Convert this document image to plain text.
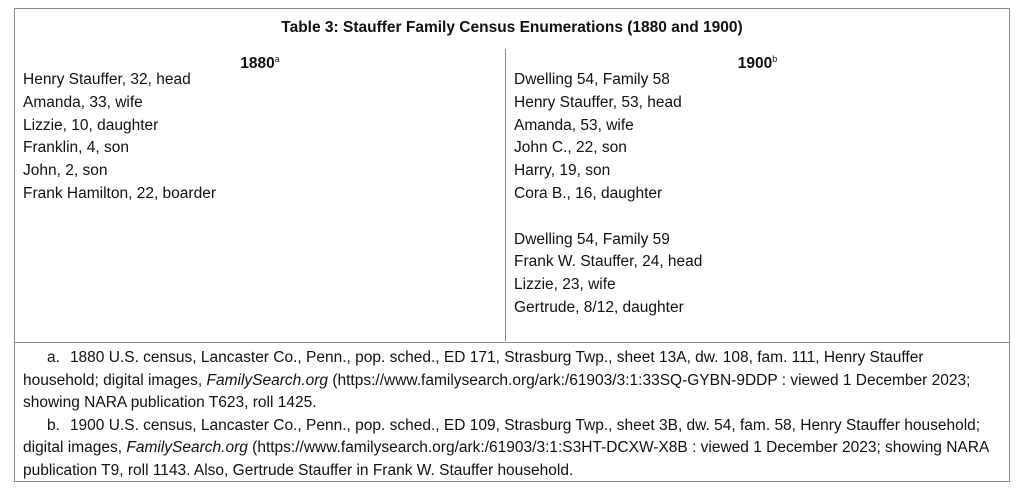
Table 3: Stauffer Family Census Enumerations (1880 and 1900)
1880$^a$
Henry Stauffer, 32, head
Amanda, 33, wife
Lizzie, 10, daughter
Franklin, 4, son
John, 2, son
Frank Hamilton, 22, boarder
1900$^b$
Dwelling 54, Family 58
Henry Stauffer, 53, head
Amanda, 53, wife
John C., 22, son
Harry, 19, son
Cora B., 16, daughter
Dwelling 54, Family 59
Frank W. Stauffer, 24, head
Lizzie, 23, wife
Gertrude, 8/12, daughter
a. 1880 U.S. census, Lancaster Co., Penn., pop. sched., ED 171, Strasburg Twp., sheet 13A, dw. 108, fam. 111, Henry Stauffer household; digital images, FamilySearch.org (https://www.familysearch.org/ark:/61903/3:1:33SQ-GYBN-9DDP : viewed 1 December 2023; showing NARA publication T623, roll 1425.
b. 1900 U.S. census, Lancaster Co., Penn., pop. sched., ED 109, Strasburg Twp., sheet 3B, dw. 54, fam. 58, Henry Stauffer household; digital images, FamilySearch.org (https://www.familysearch.org/ark:/61903/3:1:S3HT-DCXW-X8B : viewed 1 December 2023; showing NARA publication T9, roll 1143. Also, Gertrude Stauffer in Frank W. Stauffer household.
